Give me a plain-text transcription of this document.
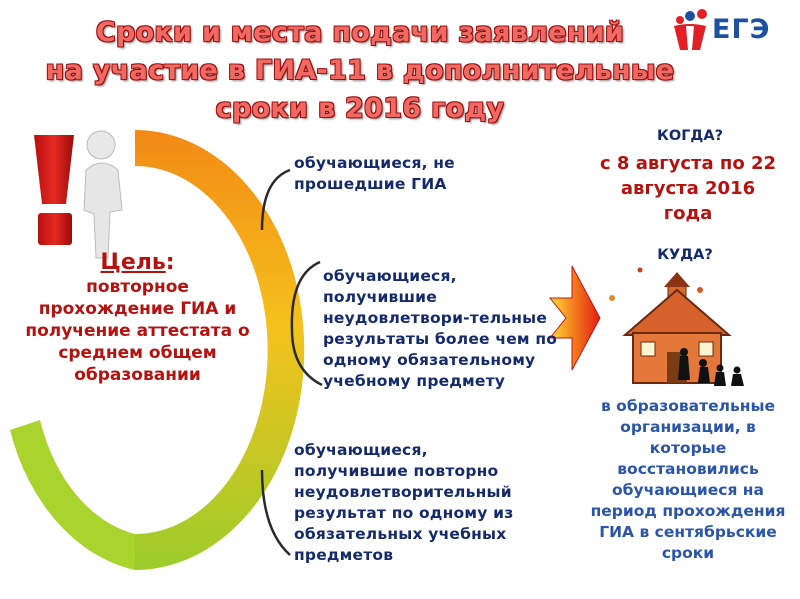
Сроки и места подачи заявлений
на участие в ГИА-11 в дополнительные
сроки в 2016 году
ЕГЭ
Цель:
повторное прохождение ГИА и получение аттестата о среднем общем образовании
обучающиеся, не прошедшие ГИА
обучающиеся, получившие неудовлетвори-тельные результаты более чем по одному обязательному учебному предмету
обучающиеся, получившие повторно неудовлетворительный результат по одному из обязательных учебных предметов
КОГДА?
с 8 августа по 22 августа 2016 года
КУДА?
в образовательные организации, в которые восстановились обучающиеся на период прохождения ГИА в сентябрьские сроки
